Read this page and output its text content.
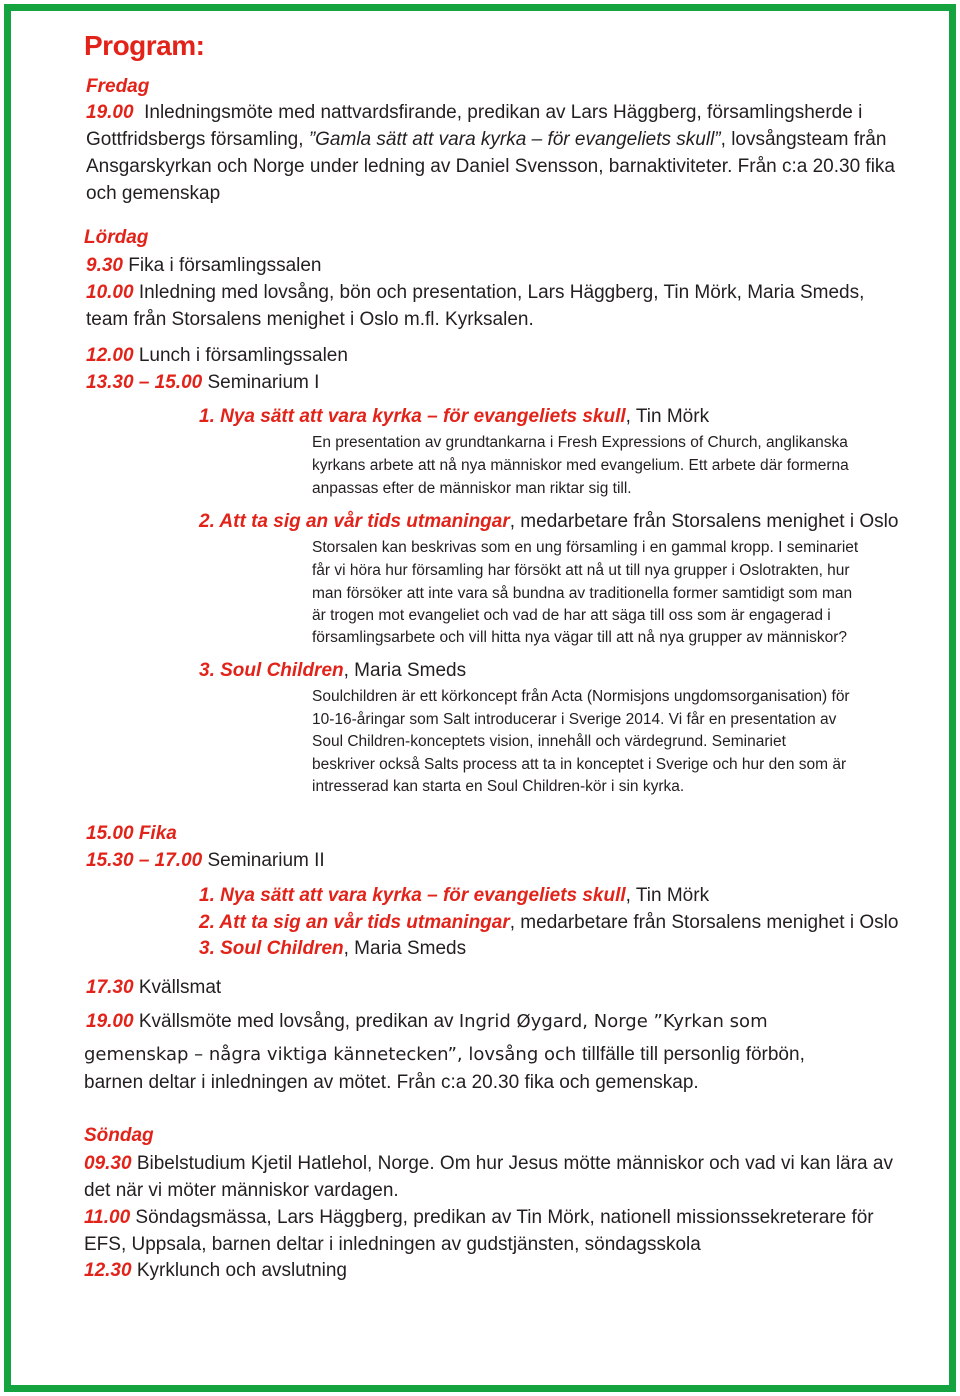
Program:
Fredag
19.00 Inledningsmöte med nattvardsfirande, predikan av Lars Häggberg, församlingsherde i
Gottfridsbergs församling, ”Gamla sätt att vara kyrka – för evangeliets skull”, lovsångsteam från
Ansgarskyrkan och Norge under ledning av Daniel Svensson, barnaktiviteter. Från c:a 20.30 fika
och gemenskap
Lördag
9.30 Fika i församlingssalen
10.00 Inledning med lovsång, bön och presentation, Lars Häggberg, Tin Mörk, Maria Smeds,
team från Storsalens menighet i Oslo m.fl. Kyrksalen.
12.00 Lunch i församlingssalen
13.30 – 15.00 Seminarium I
1. Nya sätt att vara kyrka – för evangeliets skull, Tin Mörk
En presentation av grundtankarna i Fresh Expressions of Church, anglikanska
kyrkans arbete att nå nya människor med evangelium. Ett arbete där formerna
anpassas efter de människor man riktar sig till.
2. Att ta sig an vår tids utmaningar, medarbetare från Storsalens menighet i Oslo
Storsalen kan beskrivas som en ung församling i en gammal kropp. I seminariet
får vi höra hur församling har försökt att nå ut till nya grupper i Oslotrakten, hur
man försöker att inte vara så bundna av traditionella former samtidigt som man
är trogen mot evangeliet och vad de har att säga till oss som är engagerad i
församlingsarbete och vill hitta nya vägar till att nå nya grupper av människor?
3. Soul Children, Maria Smeds
Soulchildren är ett körkoncept från Acta (Normisjons ungdomsorganisation) för
10-16-åringar som Salt introducerar i Sverige 2014. Vi får en presentation av
Soul Children-konceptets vision, innehåll och värdegrund. Seminariet
beskriver också Salts process att ta in konceptet i Sverige och hur den som är
intresserad kan starta en Soul Children-kör i sin kyrka.
15.00 Fika
15.30 – 17.00 Seminarium II
1. Nya sätt att vara kyrka – för evangeliets skull, Tin Mörk
2. Att ta sig an vår tids utmaningar, medarbetare från Storsalens menighet i Oslo
3. Soul Children, Maria Smeds
17.30 Kvällsmat
19.00 Kvällsmöte med lovsång, predikan av Ingrid Øygard, Norge ”Kyrkan som
gemenskap – några viktiga kännetecken”, lovsång och tillfälle till personlig förbön,
barnen deltar i inledningen av mötet. Från c:a 20.30 fika och gemenskap.
Söndag
09.30 Bibelstudium Kjetil Hatlehol, Norge. Om hur Jesus mötte människor och vad vi kan lära av
det när vi möter människor vardagen.
11.00 Söndagsmässa, Lars Häggberg, predikan av Tin Mörk, nationell missionssekreterare för
EFS, Uppsala, barnen deltar i inledningen av gudstjänsten, söndagsskola
12.30 Kyrklunch och avslutning
